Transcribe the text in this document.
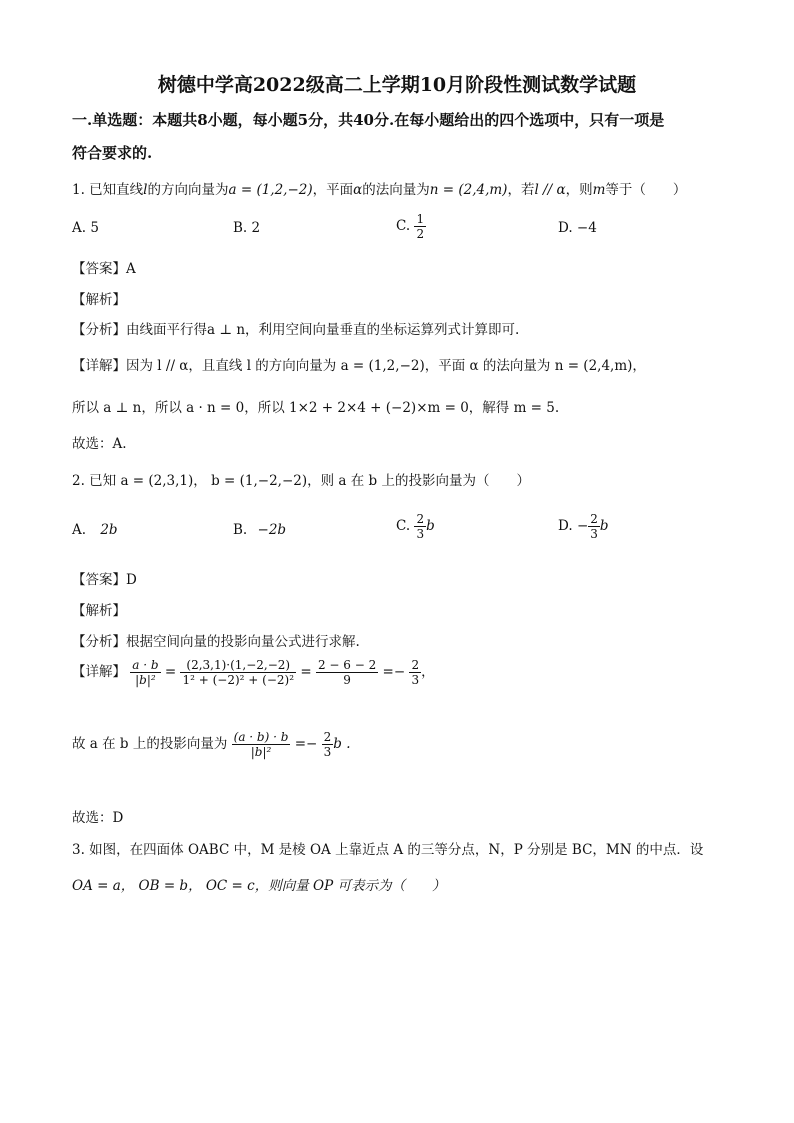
树德中学高2022级高二上学期10月阶段性测试数学试题
一.单选题：本题共8小题，每小题5分，共40分.在每小题给出的四个选项中，只有一项是
符合要求的.
1. 已知直线l的方向向量为a = (1,2,−2)，平面α的法向量为n = (2,4,m)，若l // α，则m等于（　　）
A. 5	B. 2	C. $\frac{1}{2}$	D. −4
【答案】A
【解析】
【分析】由线面平行得a ⊥ n，利用空间向量垂直的坐标运算列式计算即可.
【详解】因为 l // α，且直线 l 的方向向量为 a = (1,2,−2)，平面 α 的法向量为 n = (2,4,m)，
所以 a ⊥ n，所以 a · n = 0，所以 1×2 + 2×4 + (−2)×m = 0，解得 m = 5.
故选：A.
2. 已知 a = (2,3,1)， b = (1,−2,−2)，则 a 在 b 上的投影向量为（　　）
A. 2b	B. −2b	C. $\frac{2}{3}$ b	D. − $\frac{2}{3}$ b
【答案】D
【解析】
【分析】根据空间向量的投影向量公式进行求解.
【详解】 $\frac{a \cdot b}{\text{|b|²}} = \frac{(2,3,1)\cdot(1,-2,-2)}{\text{1² + (−2)² + (−2)²}} = \frac{2 - 6 - 2}{9} =- \frac{2}{3}$ ，
故 a 在 b 上的投影向量为 $\frac{(a \cdot b) \cdot b}{\text{|b|²}} =- \frac{2}{3}$ b .
故选：D
3. 如图，在四面体 OABC 中，M 是棱 OA 上靠近点 A 的三等分点，N，P 分别是 BC，MN 的中点．设
OA = a， OB = b， OC = c，则向量 OP 可表示为（　　）
